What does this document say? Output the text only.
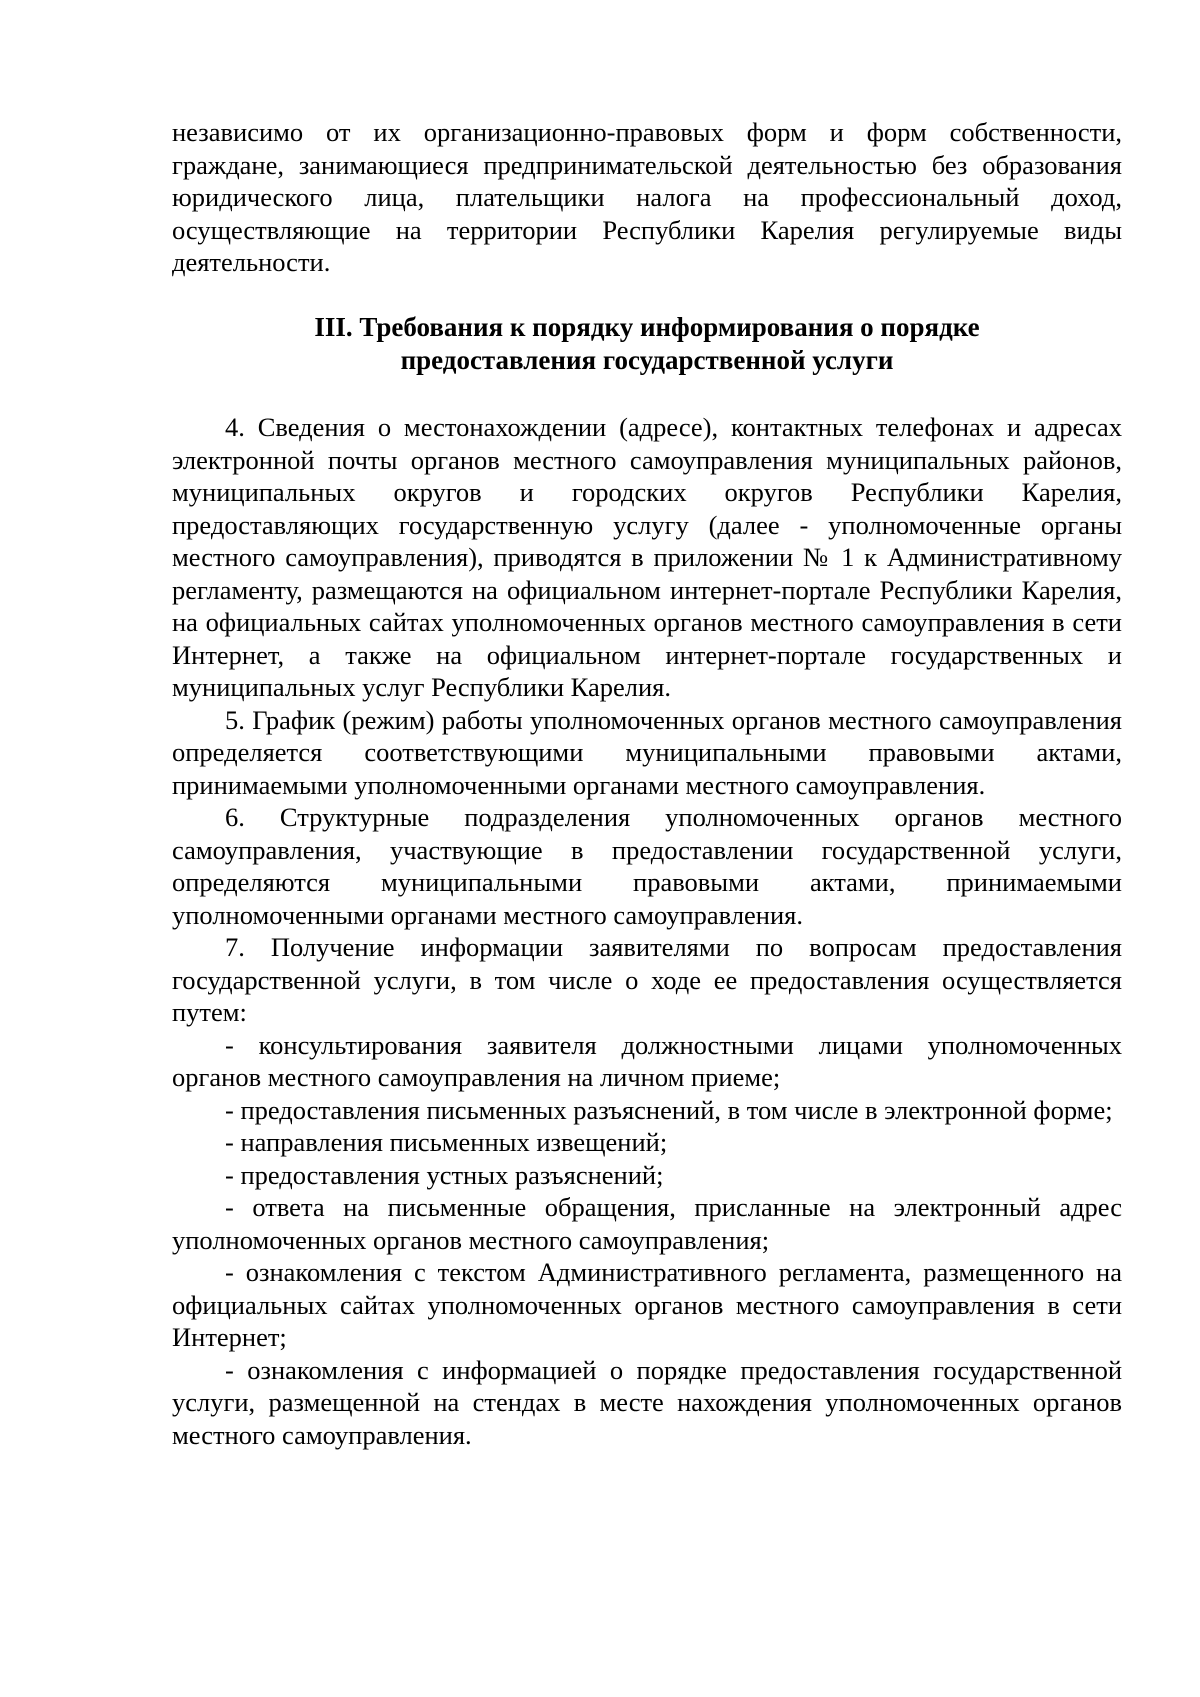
независимо от их организационно-правовых форм и форм собственности, граждане, занимающиеся предпринимательской деятельностью без образования юридического лица, плательщики налога на профессиональный доход, осуществляющие на территории Республики Карелия регулируемые виды деятельности.

III. Требования к порядку информирования о порядке
предоставления государственной услуги

4. Сведения о местонахождении (адресе), контактных телефонах и адресах электронной почты органов местного самоуправления муниципальных районов, муниципальных округов и городских округов Республики Карелия, предоставляющих государственную услугу (далее - уполномоченные органы местного самоуправления), приводятся в приложении № 1 к Административному регламенту, размещаются на официальном интернет-портале Республики Карелия, на официальных сайтах уполномоченных органов местного самоуправления в сети Интернет, а также на официальном интернет-портале государственных и муниципальных услуг Республики Карелия.

5. График (режим) работы уполномоченных органов местного самоуправления определяется соответствующими муниципальными правовыми актами, принимаемыми уполномоченными органами местного самоуправления.

6. Структурные подразделения уполномоченных органов местного самоуправления, участвующие в предоставлении государственной услуги, определяются муниципальными правовыми актами, принимаемыми уполномоченными органами местного самоуправления.

7. Получение информации заявителями по вопросам предоставления государственной услуги, в том числе о ходе ее предоставления осуществляется путем:

- консультирования заявителя должностными лицами уполномоченных органов местного самоуправления на личном приеме;

- предоставления письменных разъяснений, в том числе в электронной форме;

- направления письменных извещений;

- предоставления устных разъяснений;

- ответа на письменные обращения, присланные на электронный адрес уполномоченных органов местного самоуправления;

- ознакомления с текстом Административного регламента, размещенного на официальных сайтах уполномоченных органов местного самоуправления в сети Интернет;

- ознакомления с информацией о порядке предоставления государственной услуги, размещенной на стендах в месте нахождения уполномоченных органов местного самоуправления.
